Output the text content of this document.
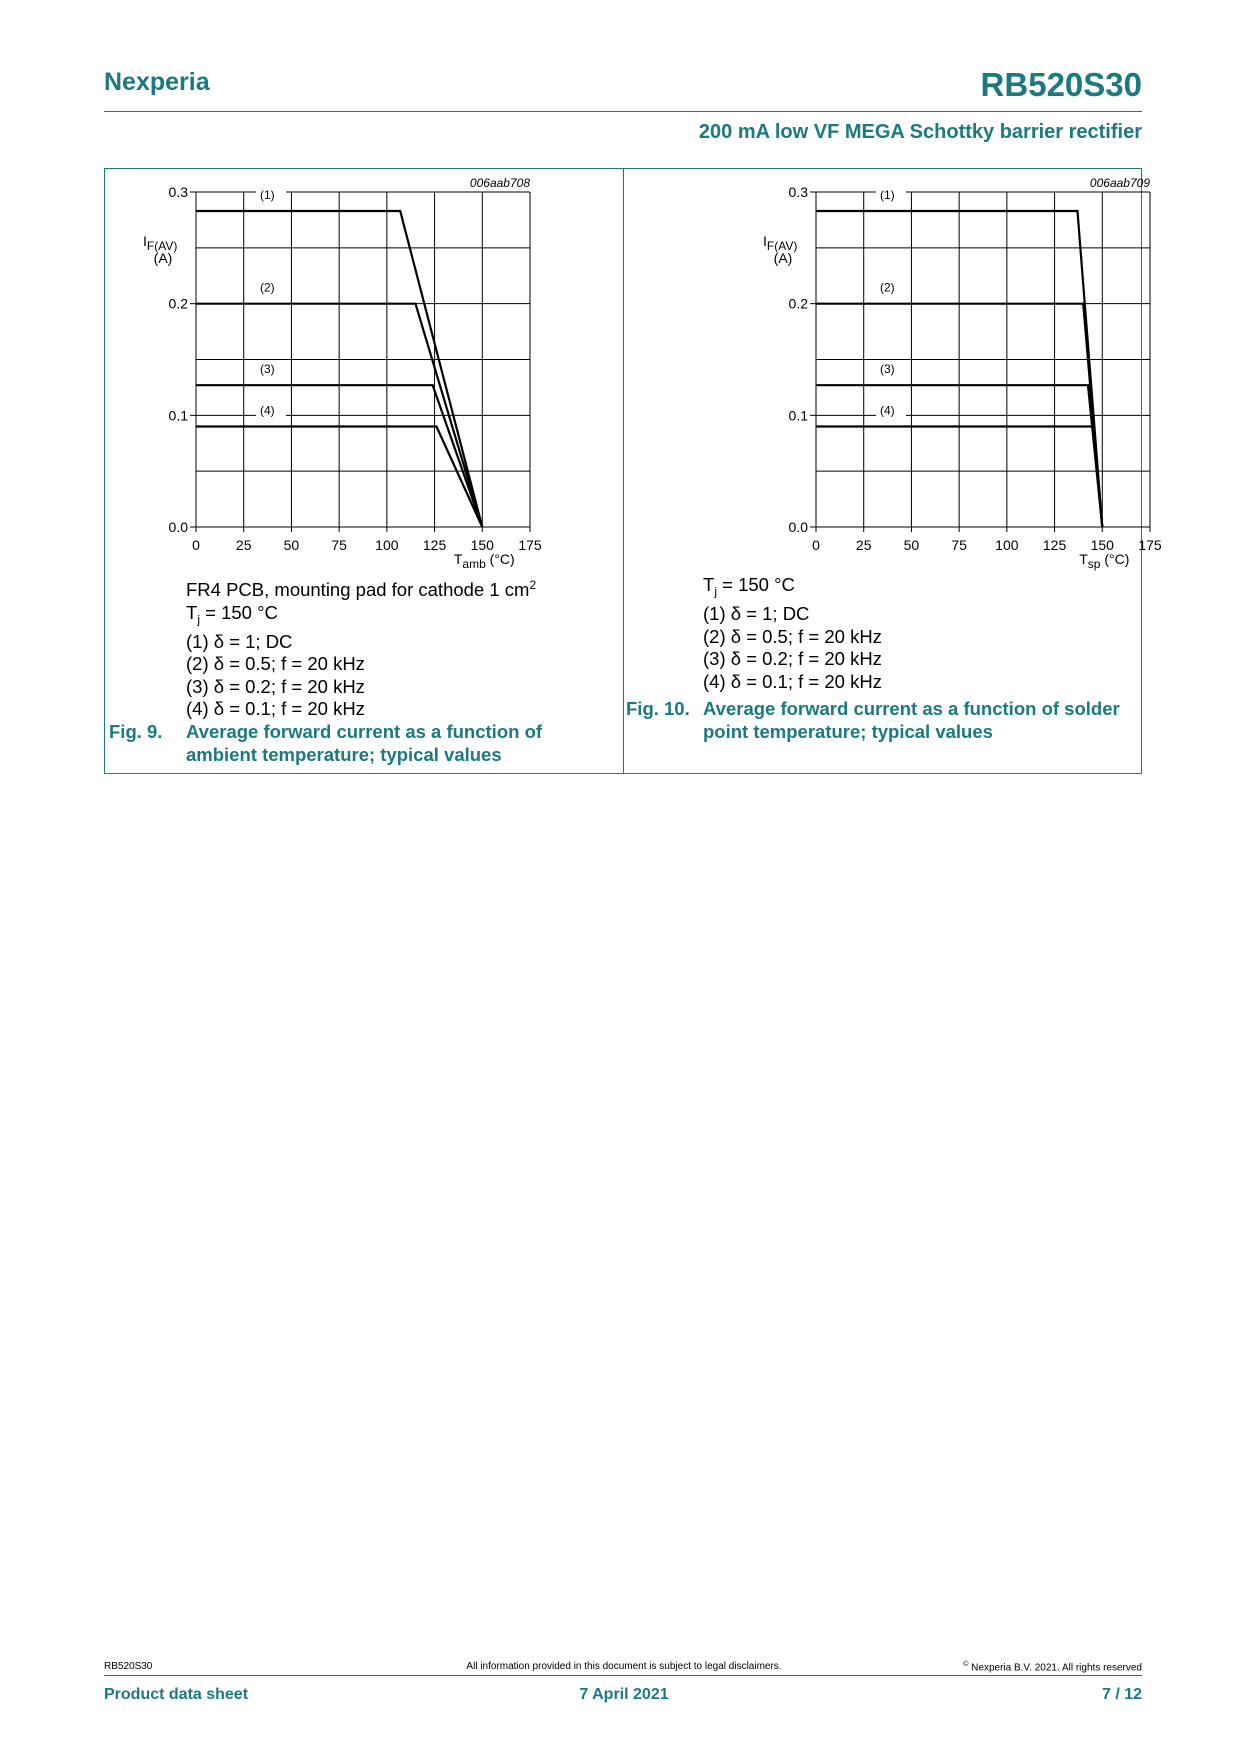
Nexperia	RB520S30
200 mA low VF MEGA Schottky barrier rectifier
0	25 50 75 100 125 150 175
0.0
0.1
0.2
0.3
006aab708
IF(AV)
(A)
Tamb (°C)
(1)
(2)
(3)
(4)
0	25 50 75 100 125 150 175
0.0
0.1
0.2
0.3
006aab709
IF(AV)
(A)
Tsp (°C)
(1)
(2)
(3)
(4)
FR4 PCB, mounting pad for cathode 1 $cm^2$
$T_j = 150$ °C
(1) δ = 1; DC
(2) δ = 0.5; f = 20 kHz
(3) δ = 0.2; f = 20 kHz
(4) δ = 0.1; f = 20 kHz
Fig. 9. Average forward current as a function of
ambient temperature; typical values
$T_j = 150$ °C
(1) δ = 1; DC
(2) δ = 0.5; f = 20 kHz
(3) δ = 0.2; f = 20 kHz
(4) δ = 0.1; f = 20 kHz
Fig. 10. Average forward current as a function of solder
point temperature; typical values
RB520S30	All information provided in this document is subject to legal disclaimers.	© Nexperia B.V. 2021. All rights reserved
Product data sheet	7 April 2021	7 / 12
